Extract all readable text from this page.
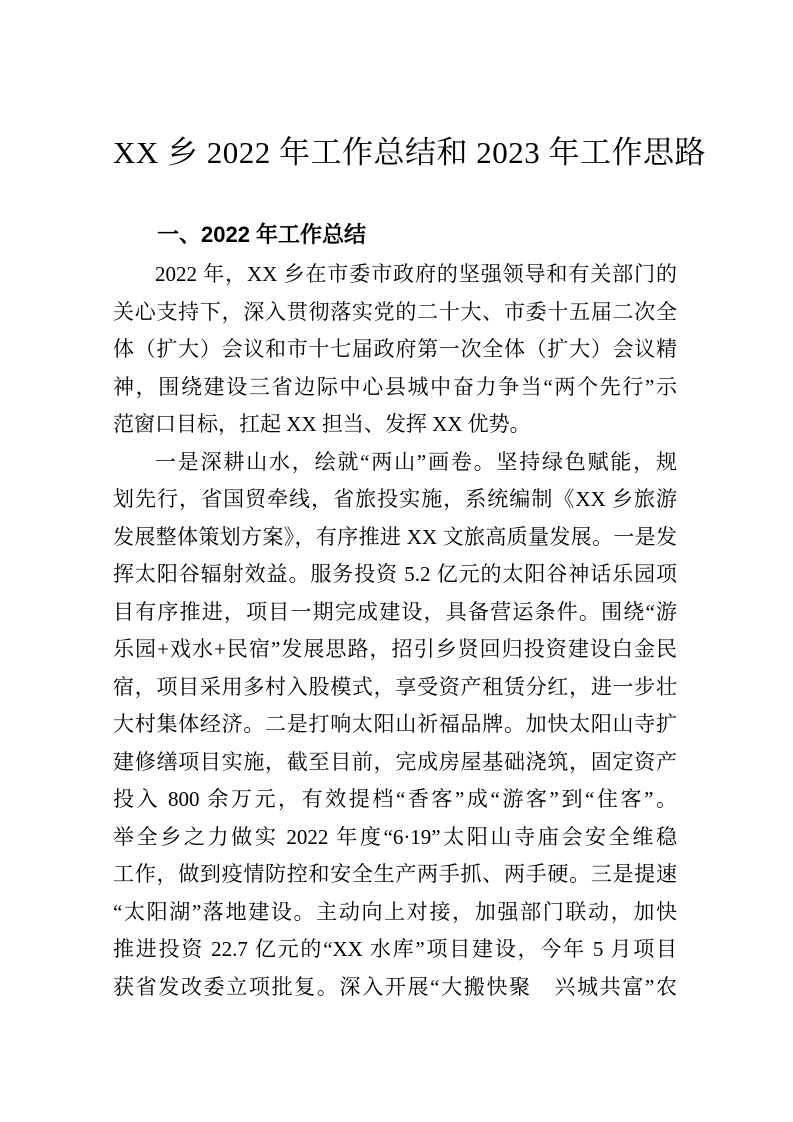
XX 乡 2022 年工作总结和 2023 年工作思路
一、2022 年工作总结
2022 年，XX 乡在市委市政府的坚强领导和有关部门的
关心支持下，深入贯彻落实党的二十大、市委十五届二次全
体（扩大）会议和市十七届政府第一次全体（扩大）会议精
神，围绕建设三省边际中心县城中奋力争当“两个先行”示
范窗口目标，扛起 XX 担当、发挥 XX 优势。
一是深耕山水，绘就“两山”画卷。坚持绿色赋能，规
划先行，省国贸牵线，省旅投实施，系统编制《XX 乡旅游
发展整体策划方案》，有序推进 XX 文旅高质量发展。一是发
挥太阳谷辐射效益。服务投资 5.2 亿元的太阳谷神话乐园项
目有序推进，项目一期完成建设，具备营运条件。围绕“游
乐园+戏水+民宿”发展思路，招引乡贤回归投资建设白金民
宿，项目采用多村入股模式，享受资产租赁分红，进一步壮
大村集体经济。二是打响太阳山祈福品牌。加快太阳山寺扩
建修缮项目实施，截至目前，完成房屋基础浇筑，固定资产
投入 800 余万元，有效提档“香客”成“游客”到“住客”。
举全乡之力做实 2022 年度“6·19”太阳山寺庙会安全维稳
工作，做到疫情防控和安全生产两手抓、两手硬。三是提速
“太阳湖”落地建设。主动向上对接，加强部门联动，加快
推进投资 22.7 亿元的“XX 水库”项目建设，今年 5 月项目
获省发改委立项批复。深入开展“大搬快聚　兴城共富”农
